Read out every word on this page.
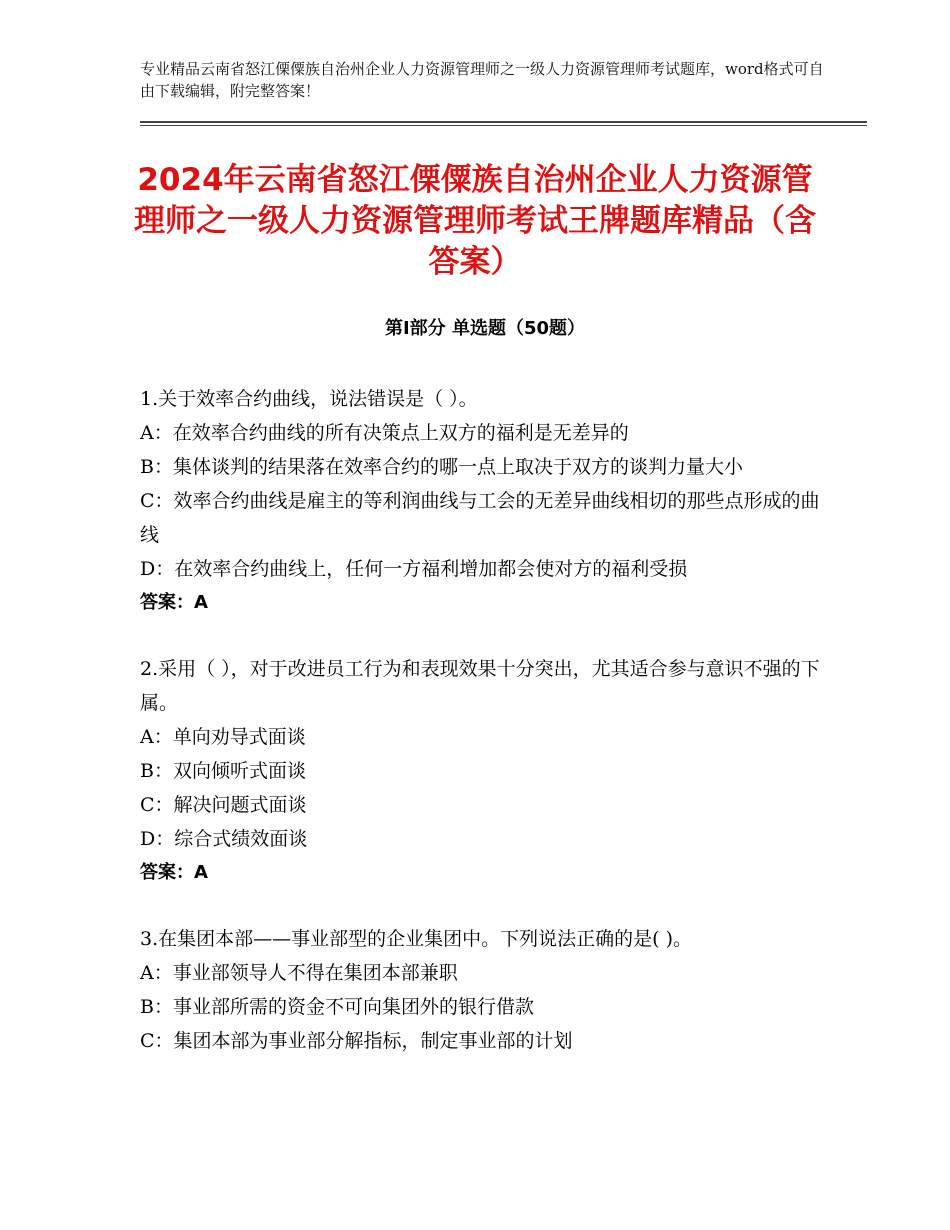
专业精品云南省怒江傈僳族自治州企业人力资源管理师之一级人力资源管理师考试题库，word格式可自由下载编辑，附完整答案！
2024年云南省怒江傈僳族自治州企业人力资源管理师之一级人力资源管理师考试王牌题库精品（含答案）
第Ⅰ部分 单选题（50题）

1.关于效率合约曲线，说法错误是（ ）。

A：在效率合约曲线的所有决策点上双方的福利是无差异的

B：集体谈判的结果落在效率合约的哪一点上取决于双方的谈判力量大小

C：效率合约曲线是雇主的等利润曲线与工会的无差异曲线相切的那些点形成的曲线

D：在效率合约曲线上，任何一方福利增加都会使对方的福利受损

答案：A

2.采用（ ），对于改进员工行为和表现效果十分突出，尤其适合参与意识不强的下属。

A：单向劝导式面谈

B：双向倾听式面谈

C：解决问题式面谈

D：综合式绩效面谈

答案：A

3.在集团本部——事业部型的企业集团中。下列说法正确的是( )。

A：事业部领导人不得在集团本部兼职

B：事业部所需的资金不可向集团外的银行借款

C：集团本部为事业部分解指标，制定事业部的计划
